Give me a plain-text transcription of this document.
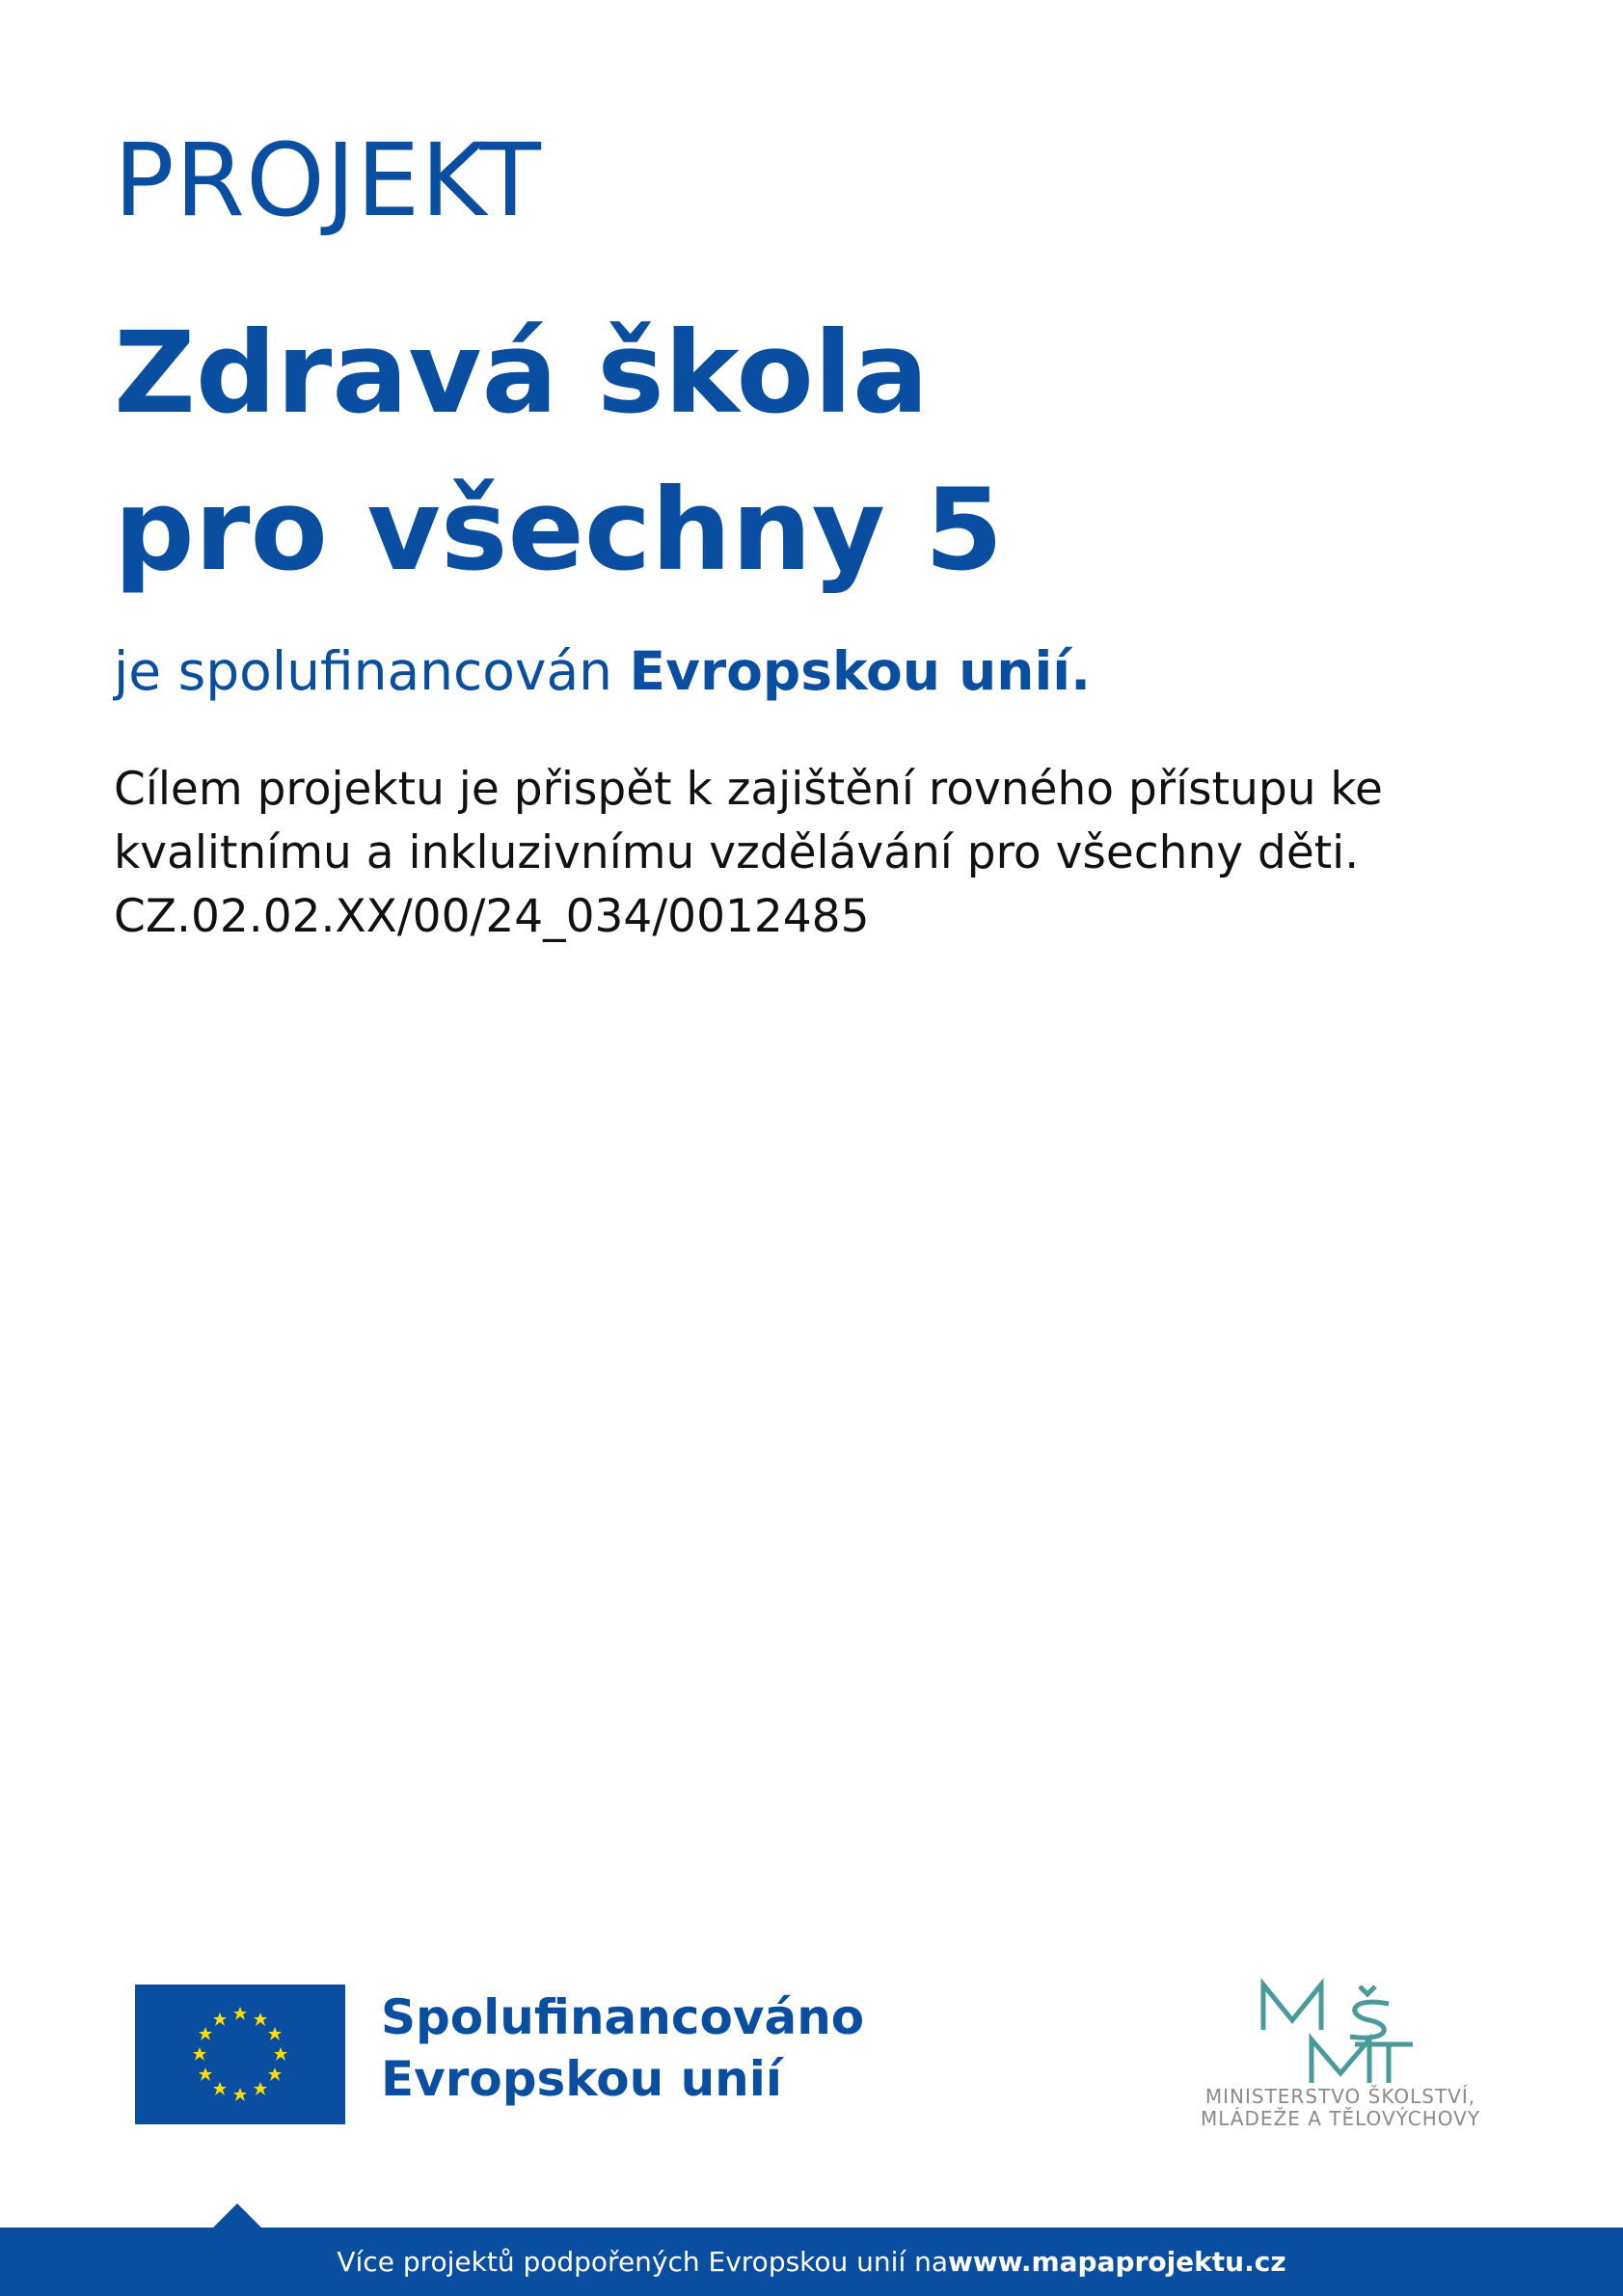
PROJEKT
Zdravá škola
pro všechny 5
je spolufinancován Evropskou unií.
Cílem projektu je přispět k zajištění rovného přístupu ke
kvalitnímu a inkluzivnímu vzdělávání pro všechny děti.
CZ.02.02.XX/00/24_034/0012485
Spolufinancováno
Evropskou unií	MINISTERSTVO ŠKOLSTVÍ,
MLÁDEŽE A TĚLOVÝCHOVY
Více projektů podpořených Evropskou unií na www.mapaprojektu.cz
